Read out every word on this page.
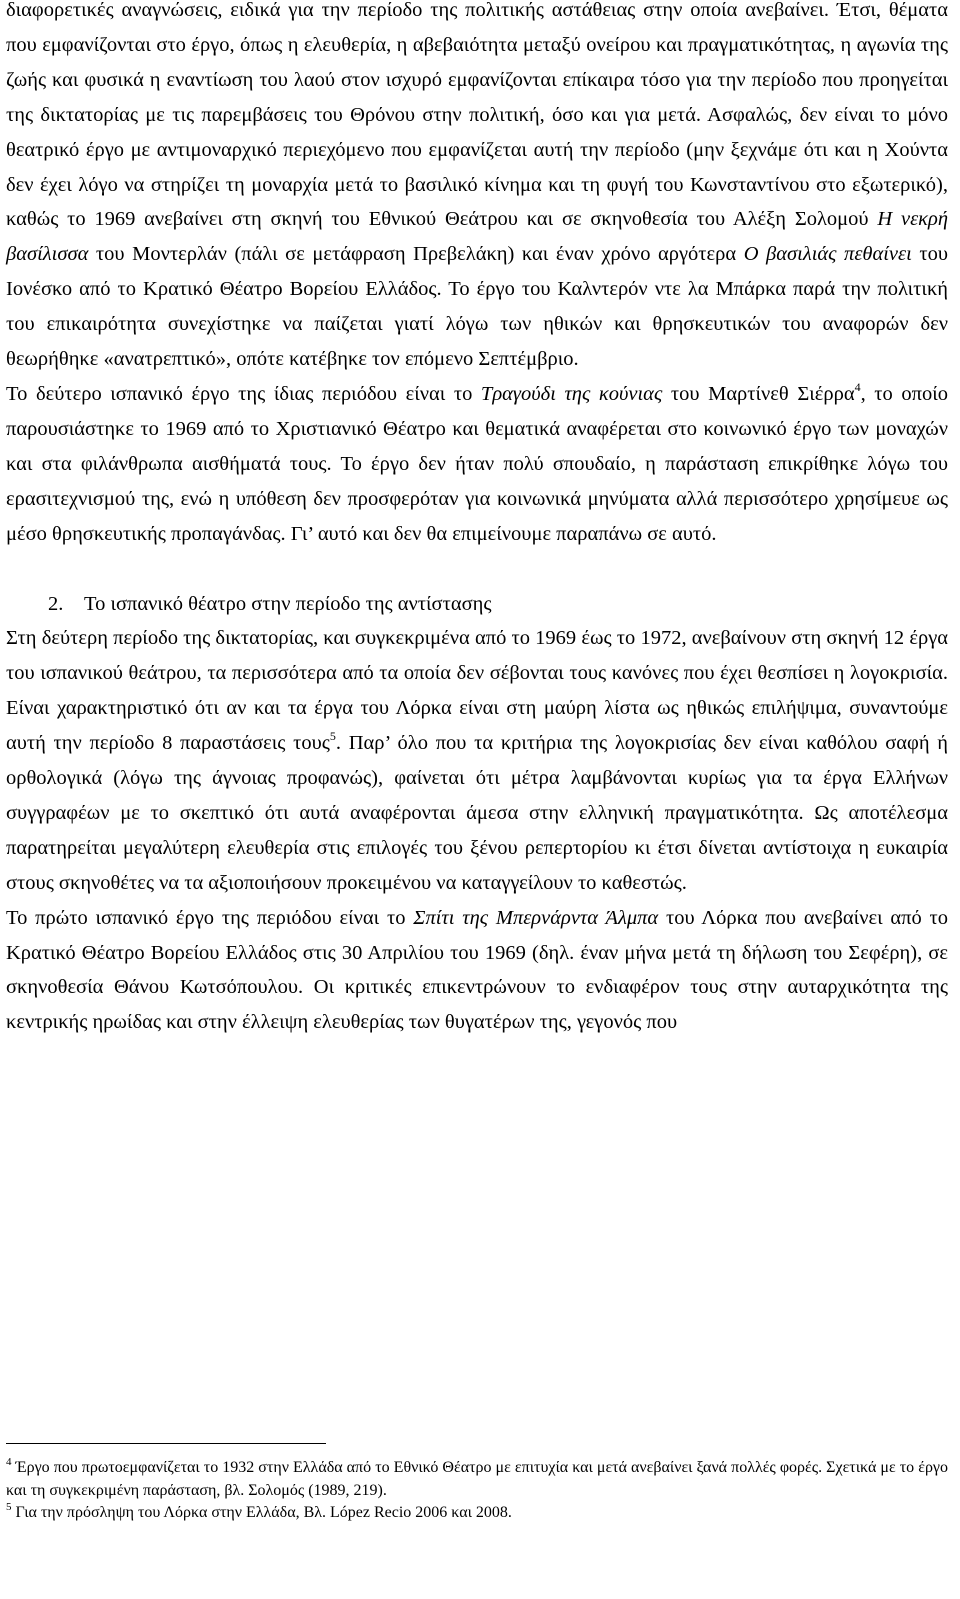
διαφορετικές αναγνώσεις, ειδικά για την περίοδο της πολιτικής αστάθειας στην οποία ανεβαίνει. Έτσι, θέματα που εμφανίζονται στο έργο, όπως η ελευθερία, η αβεβαιότητα μεταξύ ονείρου και πραγματικότητας, η αγωνία της ζωής και φυσικά η εναντίωση του λαού στον ισχυρό εμφανίζονται επίκαιρα τόσο για την περίοδο που προηγείται της δικτατορίας με τις παρεμβάσεις του Θρόνου στην πολιτική, όσο και για μετά. Ασφαλώς, δεν είναι το μόνο θεατρικό έργο με αντιμοναρχικό περιεχόμενο που εμφανίζεται αυτή την περίοδο (μην ξεχνάμε ότι και η Χούντα δεν έχει λόγο να στηρίζει τη μοναρχία μετά το βασιλικό κίνημα και τη φυγή του Κωνσταντίνου στο εξωτερικό), καθώς το 1969 ανεβαίνει στη σκηνή του Εθνικού Θεάτρου και σε σκηνοθεσία του Αλέξη Σολομού Η νεκρή βασίλισσα του Μοντερλάν (πάλι σε μετάφραση Πρεβελάκη) και έναν χρόνο αργότερα Ο βασιλιάς πεθαίνει του Ιονέσκο από το Κρατικό Θέατρο Βορείου Ελλάδος. Το έργο του Καλντερόν ντε λα Μπάρκα παρά την πολιτική του επικαιρότητα συνεχίστηκε να παίζεται γιατί λόγω των ηθικών και θρησκευτικών του αναφορών δεν θεωρήθηκε «ανατρεπτικό», οπότε κατέβηκε τον επόμενο Σεπτέμβριο.

Το δεύτερο ισπανικό έργο της ίδιας περιόδου είναι το Τραγούδι της κούνιας του Μαρτίνεθ Σιέρρα$^4$, το οποίο παρουσιάστηκε το 1969 από το Χριστιανικό Θέατρο και θεματικά αναφέρεται στο κοινωνικό έργο των μοναχών και στα φιλάνθρωπα αισθήματά τους. Το έργο δεν ήταν πολύ σπουδαίο, η παράσταση επικρίθηκε λόγω του ερασιτεχνισμού της, ενώ η υπόθεση δεν προσφερόταν για κοινωνικά μηνύματα αλλά περισσότερο χρησίμευε ως μέσο θρησκευτικής προπαγάνδας. Γι’ αυτό και δεν θα επιμείνουμε παραπάνω σε αυτό.

2. Το ισπανικό θέατρο στην περίοδο της αντίστασης

Στη δεύτερη περίοδο της δικτατορίας, και συγκεκριμένα από το 1969 έως το 1972, ανεβαίνουν στη σκηνή 12 έργα του ισπανικού θεάτρου, τα περισσότερα από τα οποία δεν σέβονται τους κανόνες που έχει θεσπίσει η λογοκρισία. Είναι χαρακτηριστικό ότι αν και τα έργα του Λόρκα είναι στη μαύρη λίστα ως ηθικώς επιλήψιμα, συναντούμε αυτή την περίοδο 8 παραστάσεις τους$^5$. Παρ’ όλο που τα κριτήρια της λογοκρισίας δεν είναι καθόλου σαφή ή ορθολογικά (λόγω της άγνοιας προφανώς), φαίνεται ότι μέτρα λαμβάνονται κυρίως για τα έργα Ελλήνων συγγραφέων με το σκεπτικό ότι αυτά αναφέρονται άμεσα στην ελληνική πραγματικότητα. Ως αποτέλεσμα παρατηρείται μεγαλύτερη ελευθερία στις επιλογές του ξένου ρεπερτορίου κι έτσι δίνεται αντίστοιχα η ευκαιρία στους σκηνοθέτες να τα αξιοποιήσουν προκειμένου να καταγγείλουν το καθεστώς.

Το πρώτο ισπανικό έργο της περιόδου είναι το Σπίτι της Μπερνάρντα Άλμπα του Λόρκα που ανεβαίνει από το Κρατικό Θέατρο Βορείου Ελλάδος στις 30 Απριλίου του 1969 (δηλ. έναν μήνα μετά τη δήλωση του Σεφέρη), σε σκηνοθεσία Θάνου Κωτσόπουλου. Οι κριτικές επικεντρώνουν το ενδιαφέρον τους στην αυταρχικότητα της κεντρικής ηρωίδας και στην έλλειψη ελευθερίας των θυγατέρων της, γεγονός που

$^4$ Έργο που πρωτοεμφανίζεται το 1932 στην Ελλάδα από το Εθνικό Θέατρο με επιτυχία και μετά ανεβαίνει ξανά πολλές φορές. Σχετικά με το έργο και τη συγκεκριμένη παράσταση, βλ. Σολομός (1989, 219).

$^5$ Για την πρόσληψη του Λόρκα στην Ελλάδα, Βλ. López Recio 2006 και 2008.
